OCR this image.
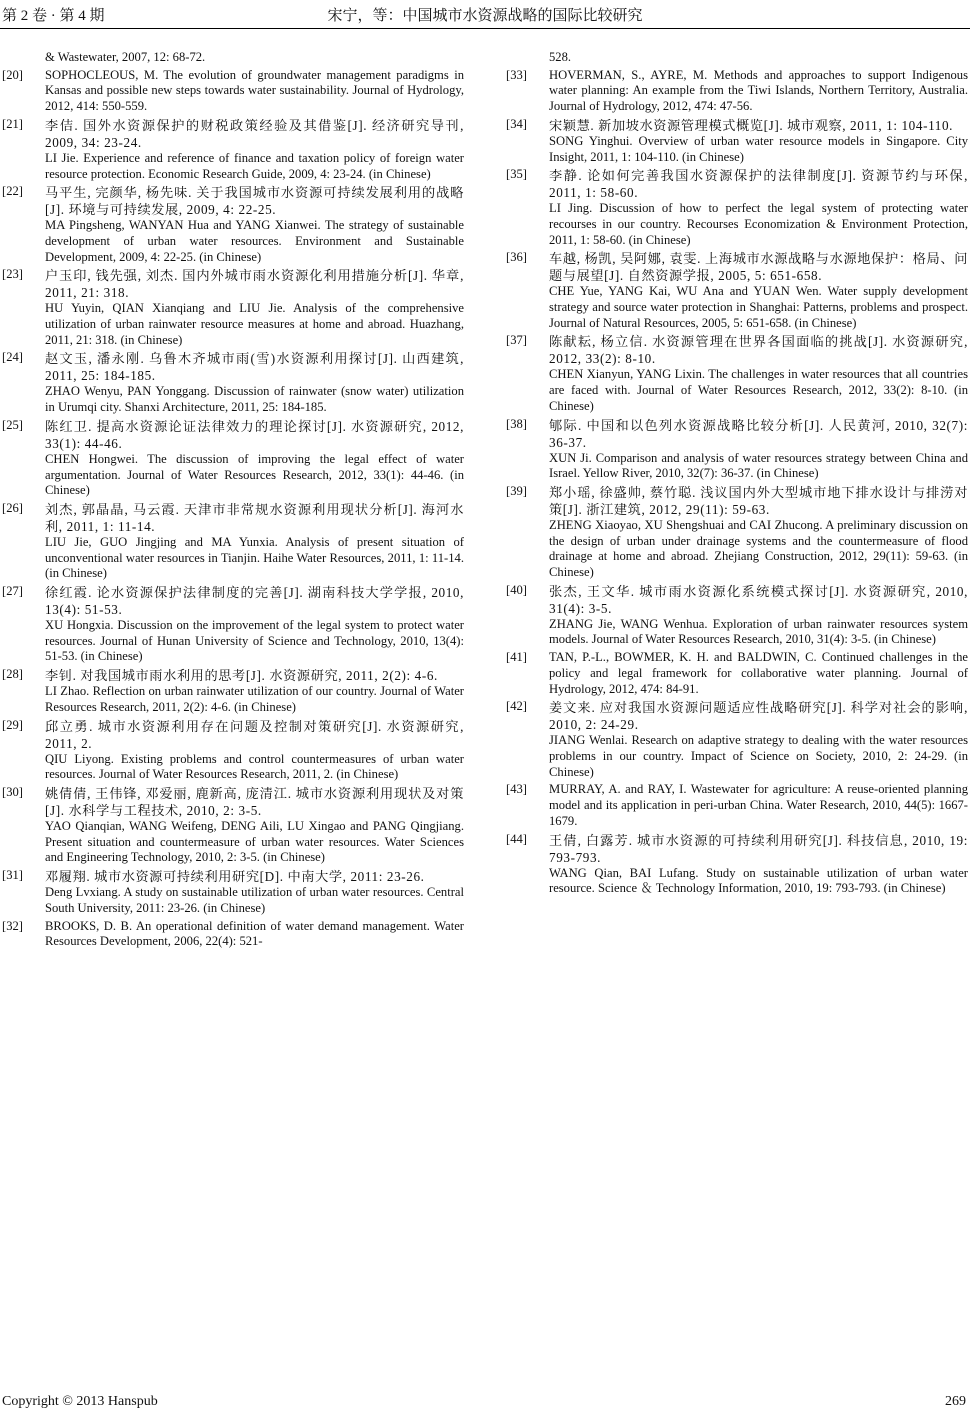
第 2 卷 · 第 4 期	宋宁，等：中国城市水资源战略的国际比较研究
& Wastewater, 2007, 12: 68-72.
[20] SOPHOCLEOUS, M. The evolution of groundwater management paradigms in Kansas and possible new steps towards water sustainability. Journal of Hydrology, 2012, 414: 550-559.
[21] 李佶. 国外水资源保护的财税政策经验及其借鉴[J]. 经济研究导刊, 2009, 34: 23-24.
LI Jie. Experience and reference of finance and taxation policy of foreign water resource protection. Economic Research Guide, 2009, 4: 23-24. (in Chinese)
[22] 马平生, 完颜华, 杨先味. 关于我国城市水资源可持续发展利用的战略 [J]. 环境与可持续发展, 2009, 4: 22-25.
MA Pingsheng, WANYAN Hua and YANG Xianwei. The strategy of sustainable development of urban water resources. Environment and Sustainable Development, 2009, 4: 22-25. (in Chinese)
[23] 户玉印, 钱先强, 刘杰. 国内外城市雨水资源化利用措施分析[J]. 华章, 2011, 21: 318.
HU Yuyin, QIAN Xianqiang and LIU Jie. Analysis of the comprehensive utilization of urban rainwater resource measures at home and abroad. Huazhang, 2011, 21: 318. (in Chinese)
[24] 赵文玉, 潘永刚. 乌鲁木齐城市雨(雪)水资源利用探讨[J]. 山西建筑, 2011, 25: 184-185.
ZHAO Wenyu, PAN Yonggang. Discussion of rainwater (snow water) utilization in Urumqi city. Shanxi Architecture, 2011, 25: 184-185.
[25] 陈红卫. 提高水资源论证法律效力的理论探讨[J]. 水资源研究, 2012, 33(1): 44-46.
CHEN Hongwei. The discussion of improving the legal effect of water argumentation. Journal of Water Resources Research, 2012, 33(1): 44-46. (in Chinese)
[26] 刘杰, 郭晶晶, 马云霞. 天津市非常规水资源利用现状分析[J]. 海河水利, 2011, 1: 11-14.
LIU Jie, GUO Jingjing and MA Yunxia. Analysis of present situation of unconventional water resources in Tianjin. Haihe Water Resources, 2011, 1: 11-14. (in Chinese)
[27] 徐红霞. 论水资源保护法律制度的完善[J]. 湖南科技大学学报, 2010, 13(4): 51-53.
XU Hongxia. Discussion on the improvement of the legal system to protect water resources. Journal of Hunan University of Science and Technology, 2010, 13(4): 51-53. (in Chinese)
[28] 李钊. 对我国城市雨水利用的思考[J]. 水资源研究, 2011, 2(2): 4-6.
LI Zhao. Reflection on urban rainwater utilization of our country. Journal of Water Resources Research, 2011, 2(2): 4-6. (in Chinese)
[29] 邱立勇. 城市水资源利用存在问题及控制对策研究[J]. 水资源研究, 2011, 2.
QIU Liyong. Existing problems and control countermeasures of urban water resources. Journal of Water Resources Research, 2011, 2. (in Chinese)
[30] 姚倩倩, 王伟锋, 邓爱丽, 鹿新高, 庞清江. 城市水资源利用现状及对策[J]. 水科学与工程技术, 2010, 2: 3-5.
YAO Qianqian, WANG Weifeng, DENG Aili, LU Xingao and PANG Qingjiang. Present situation and countermeasure of urban water resources. Water Sciences and Engineering Technology, 2010, 2: 3-5. (in Chinese)
[31] 邓履翔. 城市水资源可持续利用研究[D]. 中南大学, 2011: 23-26.
Deng Lvxiang. A study on sustainable utilization of urban water resources. Central South University, 2011: 23-26. (in Chinese)
[32] BROOKS, D. B. An operational definition of water demand management. Water Resources Development, 2006, 22(4): 521-
528.
[33] HOVERMAN, S., AYRE, M. Methods and approaches to support Indigenous water planning: An example from the Tiwi Islands, Northern Territory, Australia. Journal of Hydrology, 2012, 474: 47-56.
[34] 宋颖慧. 新加坡水资源管理模式概览[J]. 城市观察, 2011, 1: 104-110.
SONG Yinghui. Overview of urban water resource models in Singapore. City Insight, 2011, 1: 104-110. (in Chinese)
[35] 李静. 论如何完善我国水资源保护的法律制度[J]. 资源节约与环保, 2011, 1: 58-60.
LI Jing. Discussion of how to perfect the legal system of protecting water recourses in our country. Recourses Economization & Environment Protection, 2011, 1: 58-60. (in Chinese)
[36] 车越, 杨凯, 吴阿娜, 袁雯. 上海城市水源战略与水源地保护：格局、问题与展望[J]. 自然资源学报, 2005, 5: 651-658.
CHE Yue, YANG Kai, WU Ana and YUAN Wen. Water supply development strategy and source water protection in Shanghai: Patterns, problems and prospect. Journal of Natural Resources, 2005, 5: 651-658. (in Chinese)
[37] 陈献耘, 杨立信. 水资源管理在世界各国面临的挑战[J]. 水资源研究, 2012, 33(2): 8-10.
CHEN Xianyun, YANG Lixin. The challenges in water resources that all countries are faced with. Journal of Water Resources Research, 2012, 33(2): 8-10. (in Chinese)
[38] 郇际. 中国和以色列水资源战略比较分析[J]. 人民黄河, 2010, 32(7): 36-37.
XUN Ji. Comparison and analysis of water resources strategy between China and Israel. Yellow River, 2010, 32(7): 36-37. (in Chinese)
[39] 郑小瑶, 徐盛帅, 蔡竹聪. 浅议国内外大型城市地下排水设计与排涝对策[J]. 浙江建筑, 2012, 29(11): 59-63.
ZHENG Xiaoyao, XU Shengshuai and CAI Zhucong. A preliminary discussion on the design of urban under drainage systems and the countermeasure of flood drainage at home and abroad. Zhejiang Construction, 2012, 29(11): 59-63. (in Chinese)
[40] 张杰, 王文华. 城市雨水资源化系统模式探讨[J]. 水资源研究, 2010, 31(4): 3-5.
ZHANG Jie, WANG Wenhua. Exploration of urban rainwater resources system models. Journal of Water Resources Research, 2010, 31(4): 3-5. (in Chinese)
[41] TAN, P.-L., BOWMER, K. H. and BALDWIN, C. Continued challenges in the policy and legal framework for collaborative water planning. Journal of Hydrology, 2012, 474: 84-91.
[42] 姜文来. 应对我国水资源问题适应性战略研究[J]. 科学对社会的影响, 2010, 2: 24-29.
JIANG Wenlai. Research on adaptive strategy to dealing with the water resources problems in our country. Impact of Science on Society, 2010, 2: 24-29. (in Chinese)
[43] MURRAY, A. and RAY, I. Wastewater for agriculture: A reuse-oriented planning model and its application in peri-urban China. Water Research, 2010, 44(5): 1667-1679.
[44] 王倩, 白露芳. 城市水资源的可持续利用研究[J]. 科技信息, 2010, 19: 793-793.
WANG Qian, BAI Lufang. Study on sustainable utilization of urban water resource. Science ＆ Technology Information, 2010, 19: 793-793. (in Chinese)
Copyright © 2013 Hanspub	269
